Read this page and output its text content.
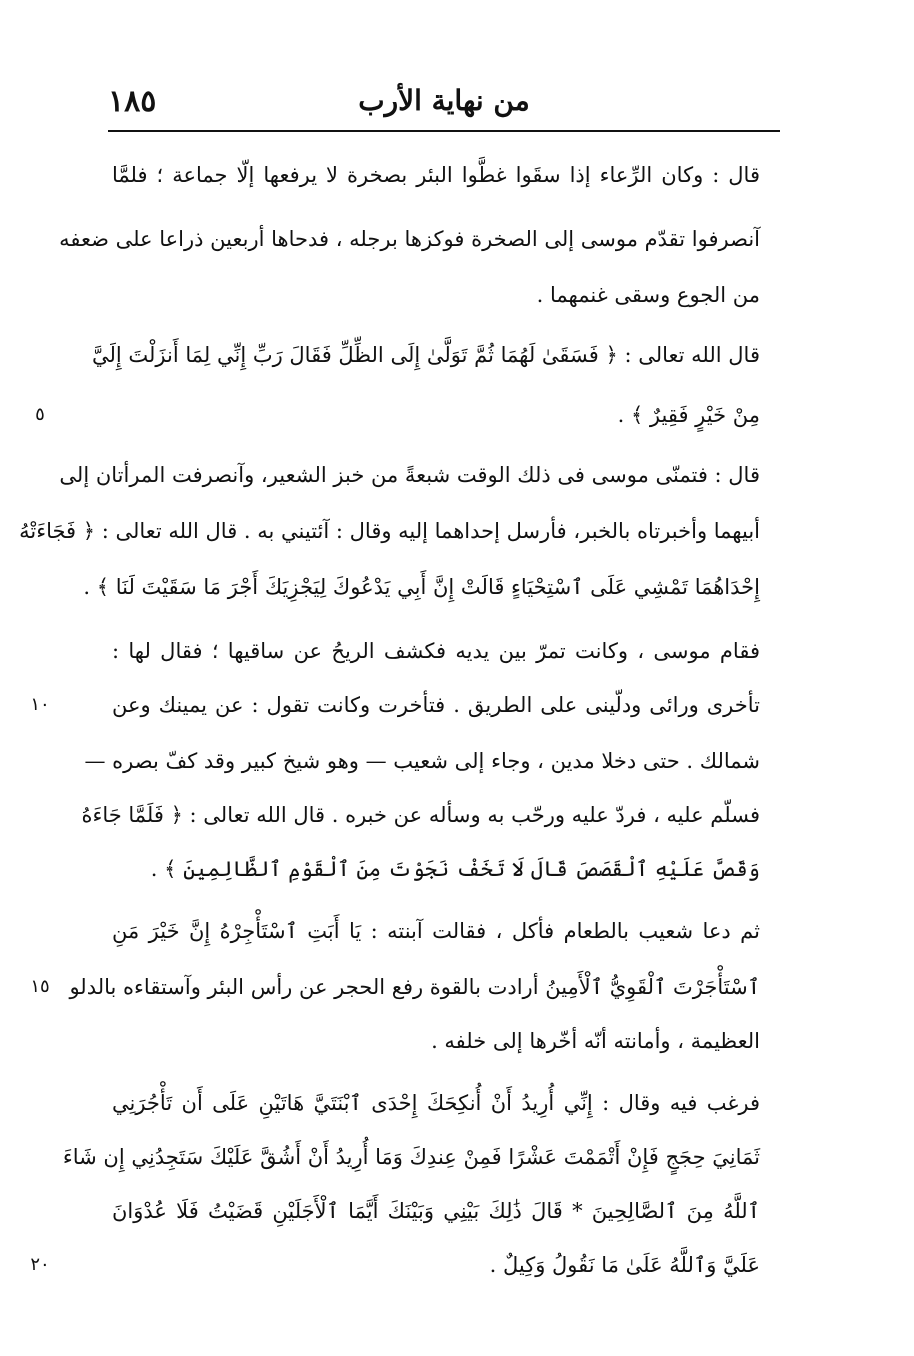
١٨٥	من نهاية الأرب
قال : وكان الرِّعاء إذا سقَوا غطَّوا البئر بصخرة لا يرفعها إلّا جماعة ؛ فلمَّا
آنصرفوا تقدّم موسى إلى الصخرة فوكزها برجله ، فدحاها أربعين ذراعا على ضعفه
من الجوع وسقى غنمهما .
قال الله تعالى : ﴿ فَسَقَىٰ لَهُمَا ثُمَّ تَوَلَّىٰ إِلَى الظِّلِّ فَقَالَ رَبِّ إِنِّي لِمَا أَنزَلْتَ إِلَيَّ
مِنْ خَيْرٍ فَقِيرٌ ﴾ .
٥
قال : فتمنّى موسى فى ذلك الوقت شبعةً من خبز الشعير، وآنصرفت المرأتان إلى
أبيهما وأخبرتاه بالخبر، فأرسل إحداهما إليه وقال : آئتيني به . قال الله تعالى : ﴿ فَجَاءَتْهُ
إِحْدَاهُمَا تَمْشِي عَلَى ٱسْتِحْيَاءٍ قَالَتْ إِنَّ أَبِي يَدْعُوكَ لِيَجْزِيَكَ أَجْرَ مَا سَقَيْتَ لَنَا ﴾ .
فقام موسى ، وكانت تمرّ بين يديه فكشف الريحُ عن ساقيها ؛ فقال لها :
تأخرى ورائى ودلّينى على الطريق . فتأخرت وكانت تقول : عن يمينك وعن
١٠
شمالك . حتى دخلا مدين ، وجاء إلى شعيب — وهو شيخ كبير وقد كفّ بصره —
فسلّم عليه ، فردّ عليه ورحّب به وسأله عن خبره . قال الله تعالى : ﴿ فَلَمَّا جَاءَهُ
وَقَصَّ عَلَيْهِ ٱلْقَصَصَ قَالَ لَا تَخَفْ نَجَوْتَ مِنَ ٱلْقَوْمِ ٱلظَّالِمِينَ ﴾ .
ثم دعا شعيب بالطعام فأكل ، فقالت آبنته : يَا أَبَتِ ٱسْتَأْجِرْهُ إِنَّ خَيْرَ مَنِ
ٱسْتَأْجَرْتَ ٱلْقَوِيُّ ٱلْأَمِينُ أرادت بالقوة رفع الحجر عن رأس البئر وآستقاءه بالدلو
١٥
العظيمة ، وأمانته أنّه أخّرها إلى خلفه .
فرغب فيه وقال : إِنِّي أُرِيدُ أَنْ أُنكِحَكَ إِحْدَى ٱبْنَتَيَّ هَاتَيْنِ عَلَى أَن تَأْجُرَنِي
ثَمَانِيَ حِجَجٍ فَإِنْ أَتْمَمْتَ عَشْرًا فَمِنْ عِندِكَ وَمَا أُرِيدُ أَنْ أَشُقَّ عَلَيْكَ سَتَجِدُنِي إِن شَاءَ
ٱللَّهُ مِنَ ٱلصَّالِحِينَ * قَالَ ذَٰلِكَ بَيْنِي وَبَيْنَكَ أَيَّمَا ٱلْأَجَلَيْنِ قَضَيْتُ فَلَا عُدْوَانَ
عَلَيَّ وَٱللَّهُ عَلَىٰ مَا نَقُولُ وَكِيلٌ .
٢٠
